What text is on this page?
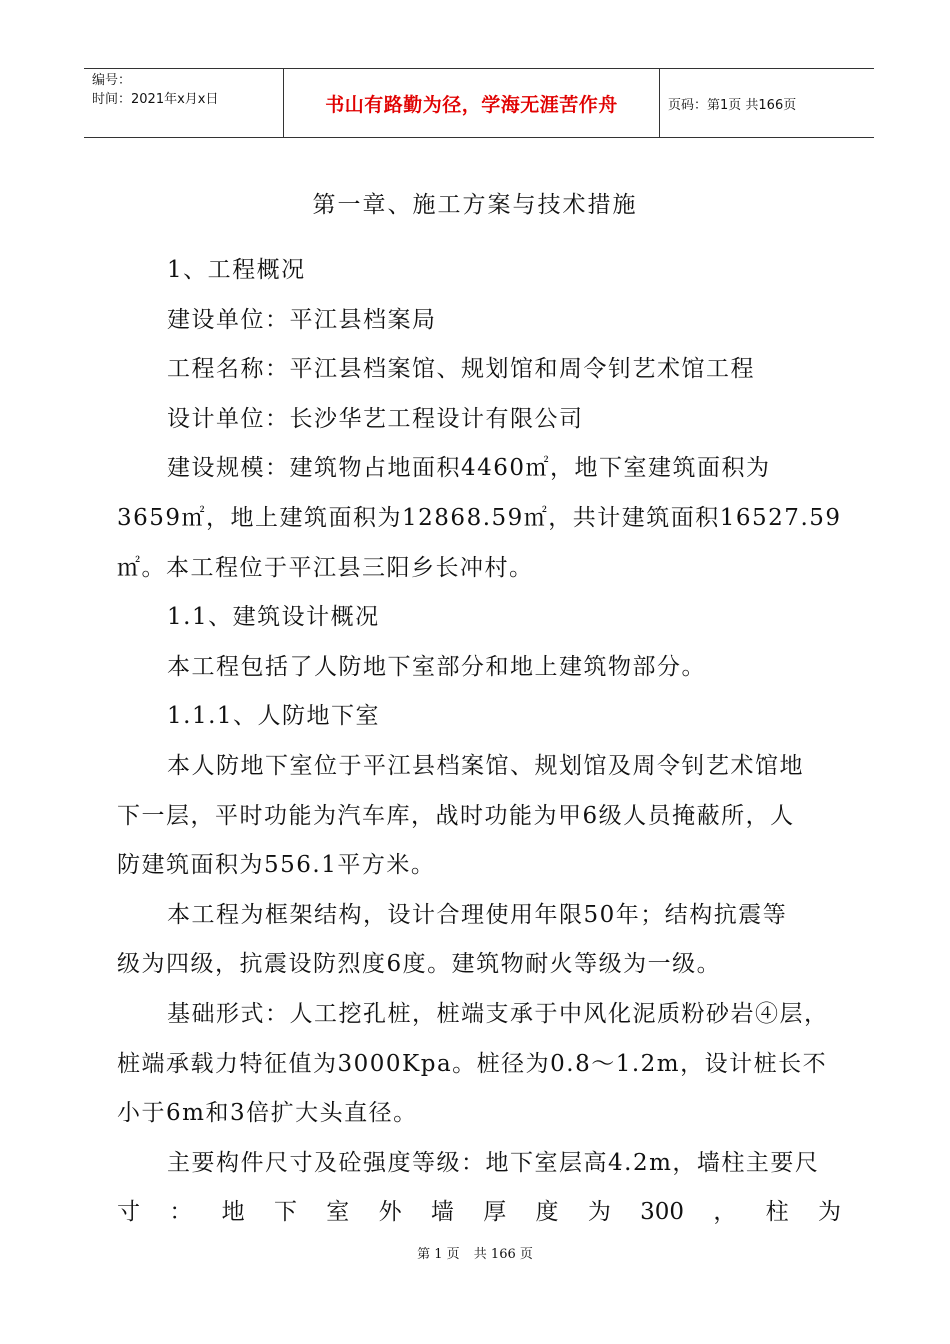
编号：
时间：2021年x月x日	书山有路勤为径，学海无涯苦作舟	页码：第1页 共166页
第一章、施工方案与技术措施
1、工程概况
建设单位：平江县档案局
工程名称：平江县档案馆、规划馆和周令钊艺术馆工程
设计单位：长沙华艺工程设计有限公司
建设规模：建筑物占地面积4460㎡，地下室建筑面积为
3659㎡，地上建筑面积为12868.59㎡，共计建筑面积16527.59
㎡。本工程位于平江县三阳乡长冲村。
1.1、建筑设计概况
本工程包括了人防地下室部分和地上建筑物部分。
1.1.1、人防地下室
本人防地下室位于平江县档案馆、规划馆及周令钊艺术馆地
下一层，平时功能为汽车库，战时功能为甲6级人员掩蔽所，人
防建筑面积为556.1平方米。
本工程为框架结构，设计合理使用年限50年；结构抗震等
级为四级，抗震设防烈度6度。建筑物耐火等级为一级。
基础形式：人工挖孔桩，桩端支承于中风化泥质粉砂岩④层，
桩端承载力特征值为3000Kpa。桩径为0.8～1.2m，设计桩长不
小于6m和3倍扩大头直径。
主要构件尺寸及砼强度等级：地下室层高4.2m，墙柱主要尺
寸 ： 地 下 室 外 墙 厚 度 为 300 ， 柱 为
第 1 页 共 166 页
